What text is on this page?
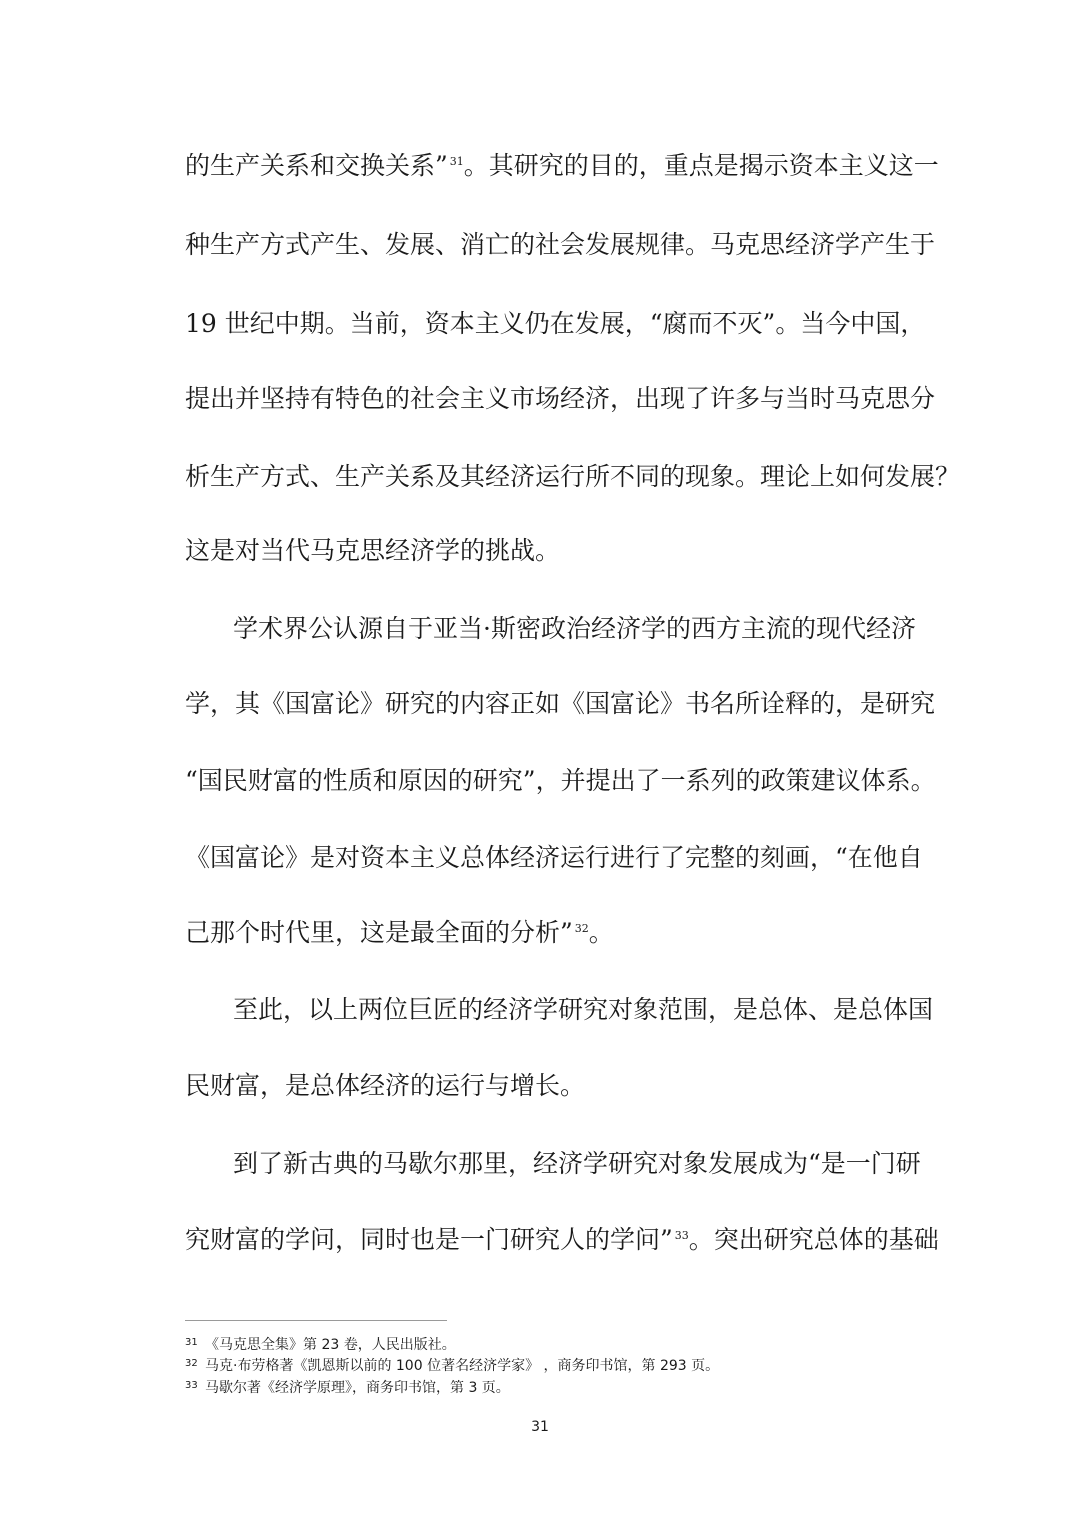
的生产关系和交换关系” $^{31}$。其研究的目的，重点是揭示资本主义这一
种生产方式产生、发展、消亡的社会发展规律。马克思经济学产生于
19 世纪中期。当前，资本主义仍在发展，“腐而不灭”。当今中国，
提出并坚持有特色的社会主义市场经济，出现了许多与当时马克思分
析生产方式、生产关系及其经济运行所不同的现象。理论上如何发展？
这是对当代马克思经济学的挑战。
学术界公认源自于亚当·斯密政治经济学的西方主流的现代经济
学，其《国富论》研究的内容正如《国富论》书名所诠释的，是研究
“国民财富的性质和原因的研究”，并提出了一系列的政策建议体系。
《国富论》是对资本主义总体经济运行进行了完整的刻画，“在他自
己那个时代里，这是最全面的分析” $^{32}$。
至此，以上两位巨匠的经济学研究对象范围，是总体、是总体国
民财富，是总体经济的运行与增长。
到了新古典的马歇尔那里，经济学研究对象发展成为“是一门研
究财富的学问，同时也是一门研究人的学问” $^{33}$。突出研究总体的基础
31 《马克思全集》第 23 卷，人民出版社。
32 马克·布劳格著《凯恩斯以前的 100 位著名经济学家》 ，商务印书馆，第 293 页。
33 马歇尔著《经济学原理》，商务印书馆，第 3 页。
31
